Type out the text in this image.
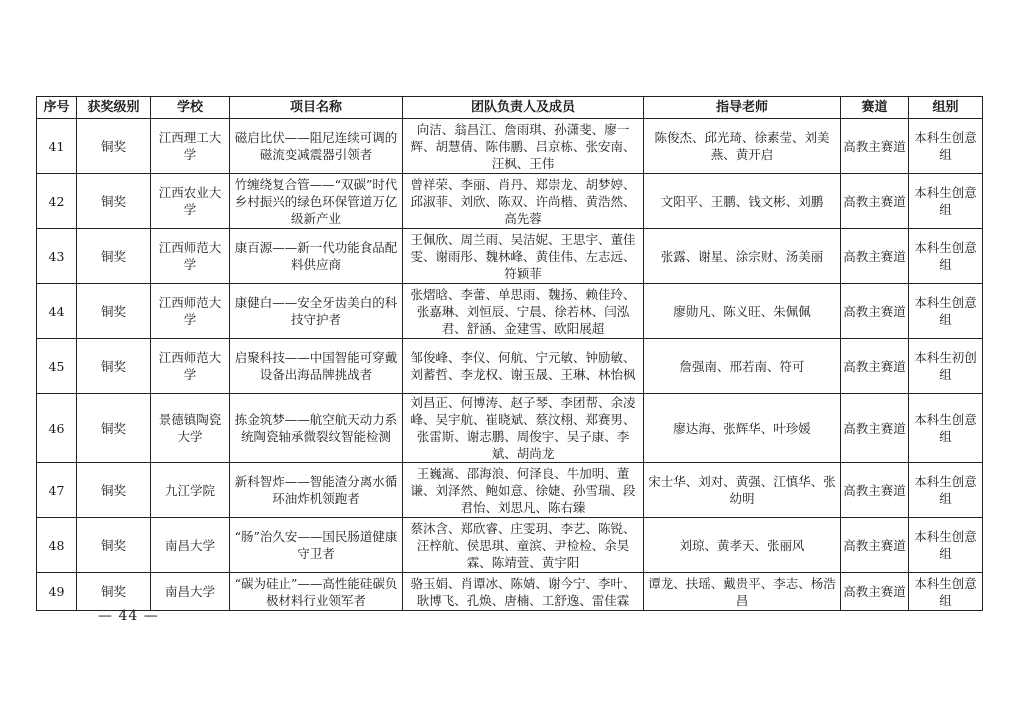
序号	获奖级别	学校	项目名称	团队负责人及成员	指导老师	赛道	组别
41	铜奖	江西理工大学	磁启比伏——阻尼连续可调的磁流变减震器引领者	向洁、翁昌江、詹雨琪、孙潇斐、廖一辉、胡慧倩、陈伟鹏、吕京栋、张安南、汪枫、王伟	陈俊杰、邱光琦、徐素莹、刘美燕、黄开启	高教主赛道	本科生创意组
42	铜奖	江西农业大学	竹缠绕复合管——“双碳”时代乡村振兴的绿色环保管道万亿级新产业	曾祥荣、李丽、肖丹、郑崇龙、胡梦婷、邱淑菲、刘欣、陈双、许尚楷、黄浩然、高先蓉	文阳平、王鹏、钱文彬、刘鹏	高教主赛道	本科生创意组
43	铜奖	江西师范大学	康百源——新一代功能食品配料供应商	王佩欣、周兰雨、吴洁妮、王思宇、董佳雯、谢雨彤、魏林峰、黄佳伟、左志远、符颖菲	张露、谢星、涂宗财、汤美丽	高教主赛道	本科生创意组
44	铜奖	江西师范大学	康健白——安全牙齿美白的科技守护者	张熠晗、李蕾、单思雨、魏扬、赖佳玲、张嘉琳、刘恒辰、宁晨、徐若林、闫泓君、舒涵、金建雪、欧阳展超	廖勋凡、陈义旺、朱佩佩	高教主赛道	本科生创意组
45	铜奖	江西师范大学	启聚科技——中国智能可穿戴设备出海品牌挑战者	邹俊峰、李仪、何航、宁元敏、钟励敏、刘蓄哲、李龙权、谢玉晟、王琳、林怡枫	詹强南、邢若南、符可	高教主赛道	本科生初创组
46	铜奖	景德镇陶瓷大学	拣金筑梦——航空航天动力系统陶瓷轴承微裂纹智能检测	刘昌正、何博涛、赵子琴、李团帮、余凌峰、吴宇航、崔晓斌、蔡汶栩、郑赛男、张雷斯、谢志鹏、周俊宇、吴子康、李斌、胡尚龙	廖达海、张辉华、叶珍媛	高教主赛道	本科生创意组
47	铜奖	九江学院	新科智炸——智能渣分离水循环油炸机领跑者	王巍嵩、邵海浪、何泽良、牛加明、董谦、刘泽然、鲍如意、徐婕、孙雪瑞、段君怡、刘思凡、陈右臻	宋士华、刘对、黄强、江慎华、张幼明	高教主赛道	本科生创意组
48	铜奖	南昌大学	“肠”治久安——国民肠道健康守卫者	蔡沐含、郑欣睿、庄雯玥、李艺、陈锐、汪梓航、侯思琪、童滨、尹检检、余昊霖、陈靖萱、黄宇阳	刘琼、黄孝天、张丽风	高教主赛道	本科生创意组
49	铜奖	南昌大学	“碳为硅止”——高性能硅碳负极材料行业领军者	骆玉娟、肖谭冰、陈婧、谢今宁、李叶、耿博飞、孔焕、唐楠、工舒逸、雷佳霖	谭龙、扶瑶、戴贵平、李志、杨浩昌	高教主赛道	本科生创意组
— 44 —
